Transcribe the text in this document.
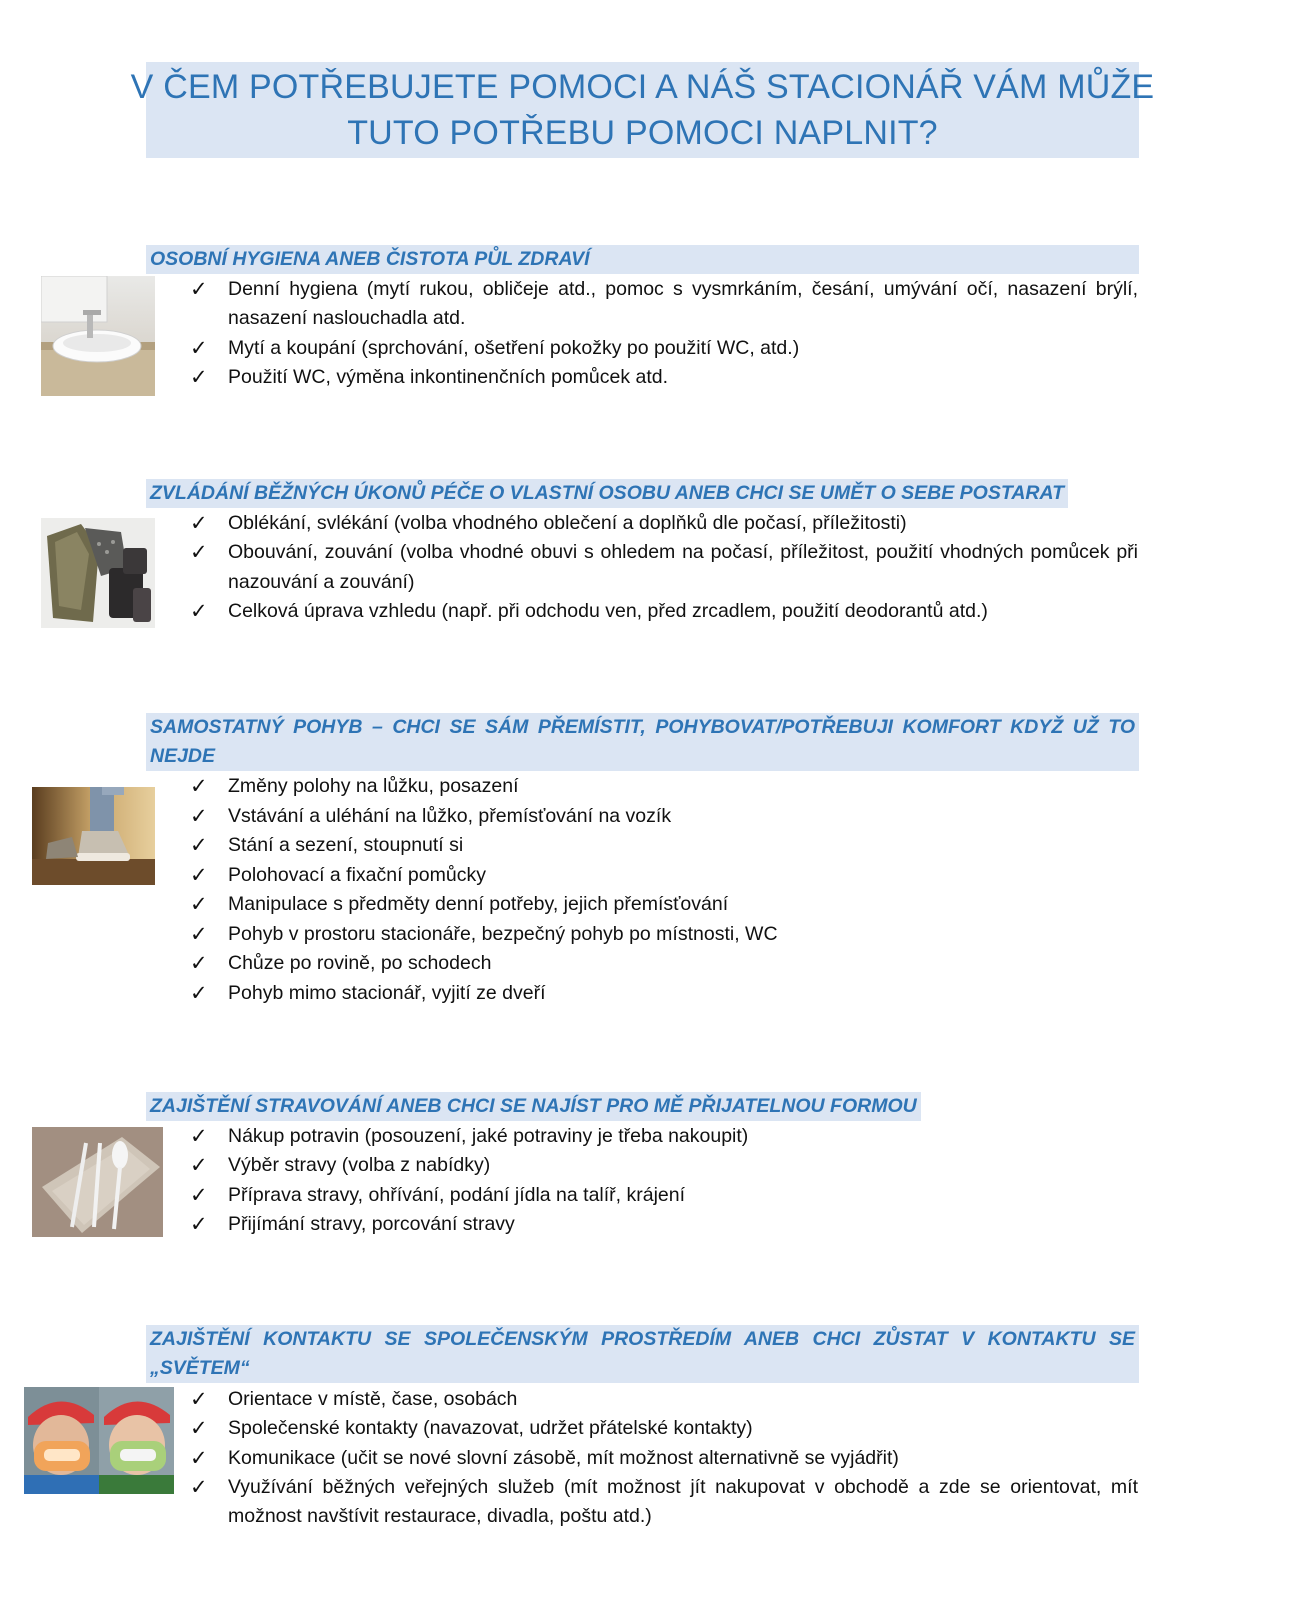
V ČEM POTŘEBUJETE POMOCI A NÁŠ STACIONÁŘ VÁM MŮŽE
TUTO POTŘEBU POMOCI NAPLNIT?
OSOBNÍ HYGIENA ANEB ČISTOTA PŮL ZDRAVÍ
✓ Denní hygiena (mytí rukou, obličeje atd., pomoc s vysmrkáním, česání, umývání očí, nasazení brýlí, nasazení naslouchadla atd.
✓ Mytí a koupání (sprchování, ošetření pokožky po použití WC, atd.)
✓ Použití WC, výměna inkontinenčních pomůcek atd.
ZVLÁDÁNÍ BĚŽNÝCH ÚKONŮ PÉČE O VLASTNÍ OSOBU ANEB CHCI SE UMĚT O SEBE POSTARAT
✓ Oblékání, svlékání (volba vhodného oblečení a doplňků dle počasí, příležitosti)
✓ Obouvání, zouvání (volba vhodné obuvi s ohledem na počasí, příležitost, použití vhodných pomůcek při nazouvání a zouvání)
✓ Celková úprava vzhledu (např. při odchodu ven, před zrcadlem, použití deodorantů atd.)
SAMOSTATNÝ POHYB – CHCI SE SÁM PŘEMÍSTIT, POHYBOVAT/POTŘEBUJI KOMFORT KDYŽ UŽ TO NEJDE
✓ Změny polohy na lůžku, posazení
✓ Vstávání a uléhání na lůžko, přemísťování na vozík
✓ Stání a sezení, stoupnutí si
✓ Polohovací a fixační pomůcky
✓ Manipulace s předměty denní potřeby, jejich přemísťování
✓ Pohyb v prostoru stacionáře, bezpečný pohyb po místnosti, WC
✓ Chůze po rovině, po schodech
✓ Pohyb mimo stacionář, vyjití ze dveří
ZAJIŠTĚNÍ STRAVOVÁNÍ ANEB CHCI SE NAJÍST PRO MĚ PŘIJATELNOU FORMOU
✓ Nákup potravin (posouzení, jaké potraviny je třeba nakoupit)
✓ Výběr stravy (volba z nabídky)
✓ Příprava stravy, ohřívání, podání jídla na talíř, krájení
✓ Přijímání stravy, porcování stravy
ZAJIŠTĚNÍ KONTAKTU SE SPOLEČENSKÝM PROSTŘEDÍM ANEB CHCI ZŮSTAT V KONTAKTU SE „SVĚTEM“
✓ Orientace v místě, čase, osobách
✓ Společenské kontakty (navazovat, udržet přátelské kontakty)
✓ Komunikace (učit se nové slovní zásobě, mít možnost alternativně se vyjádřit)
✓ Využívání běžných veřejných služeb (mít možnost jít nakupovat v obchodě a zde se orientovat, mít možnost navštívit restaurace, divadla, poštu atd.)
